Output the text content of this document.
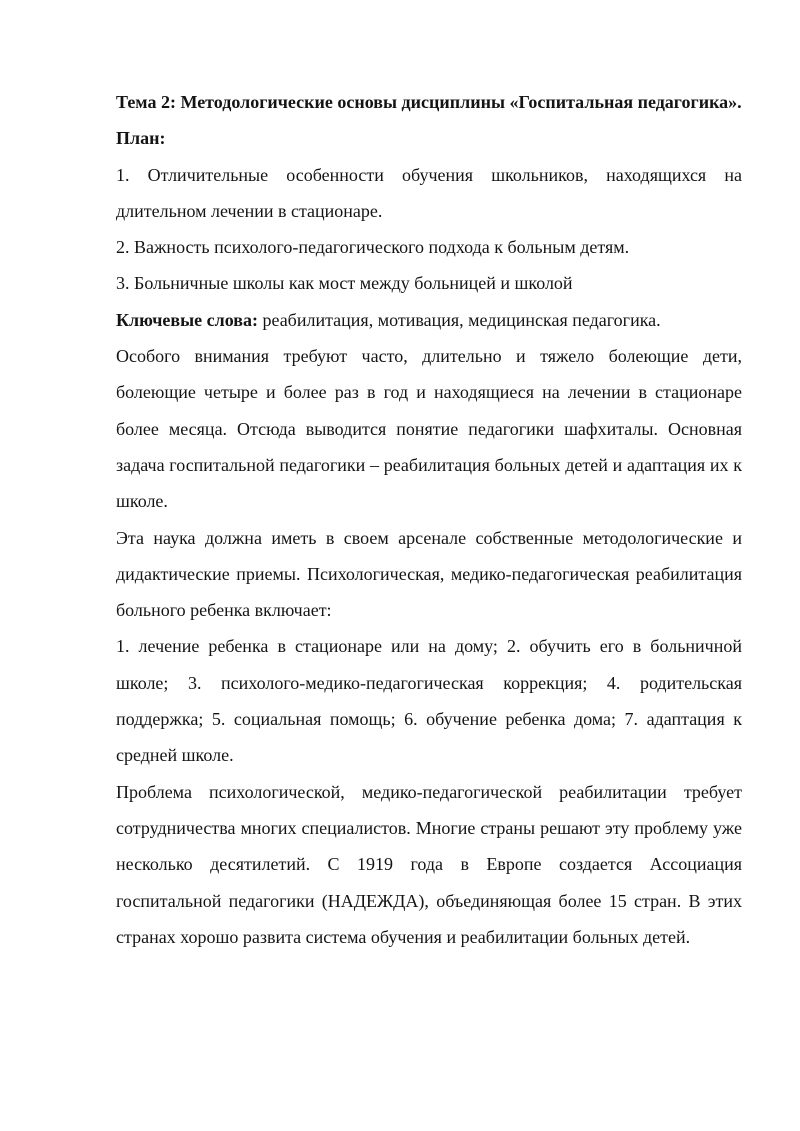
Тема 2: Методологические основы дисциплины «Госпитальная педагогика».

План:

1. Отличительные особенности обучения школьников, находящихся на длительном лечении в стационаре.

2. Важность психолого-педагогического подхода к больным детям.

3. Больничные школы как мост между больницей и школой

Ключевые слова: реабилитация, мотивация, медицинская педагогика.

Особого внимания требуют часто, длительно и тяжело болеющие дети, болеющие четыре и более раз в год и находящиеся на лечении в стационаре более месяца. Отсюда выводится понятие педагогики шафхиталы. Основная задача госпитальной педагогики – реабилитация больных детей и адаптация их к школе.

Эта наука должна иметь в своем арсенале собственные методологические и дидактические приемы. Психологическая, медико-педагогическая реабилитация больного ребенка включает:

1. лечение ребенка в стационаре или на дому; 2. обучить его в больничной школе; 3. психолого-медико-педагогическая коррекция; 4. родительская поддержка; 5. социальная помощь; 6. обучение ребенка дома; 7. адаптация к средней школе.

Проблема психологической, медико-педагогической реабилитации требует сотрудничества многих специалистов. Многие страны решают эту проблему уже несколько десятилетий. С 1919 года в Европе создается Ассоциация госпитальной педагогики (НАДЕЖДА), объединяющая более 15 стран. В этих странах хорошо развита система обучения и реабилитации больных детей.
